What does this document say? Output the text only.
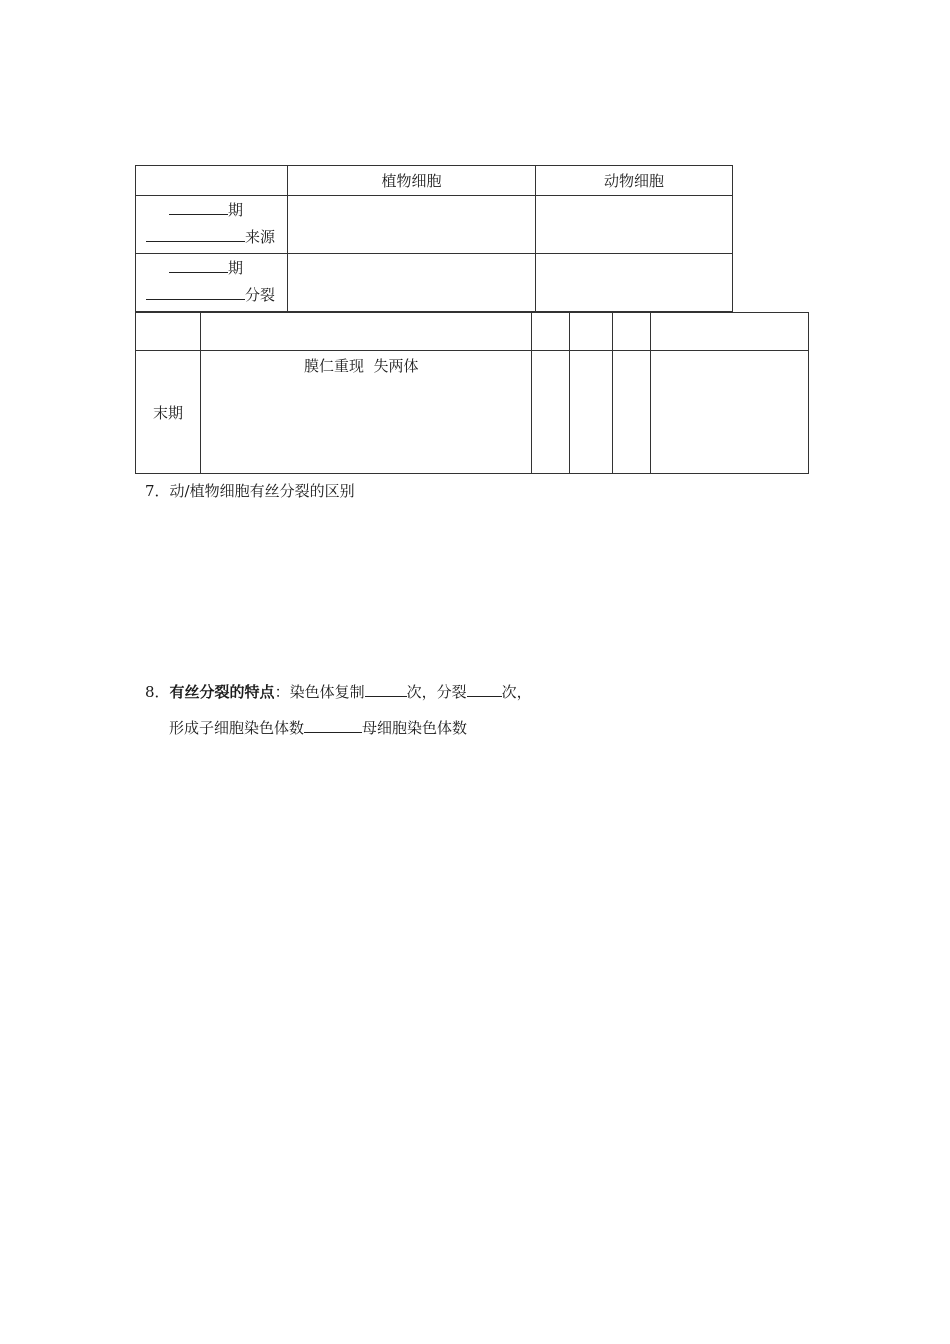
	植物细胞	动物细胞

期
来源		

期
分裂		

末期	膜仁重现  失两体				

7．动/植物细胞有丝分裂的区别
8．有丝分裂的特点：染色体复制	次，分裂 次，
形成子细胞染色体数	母细胞染色体数
